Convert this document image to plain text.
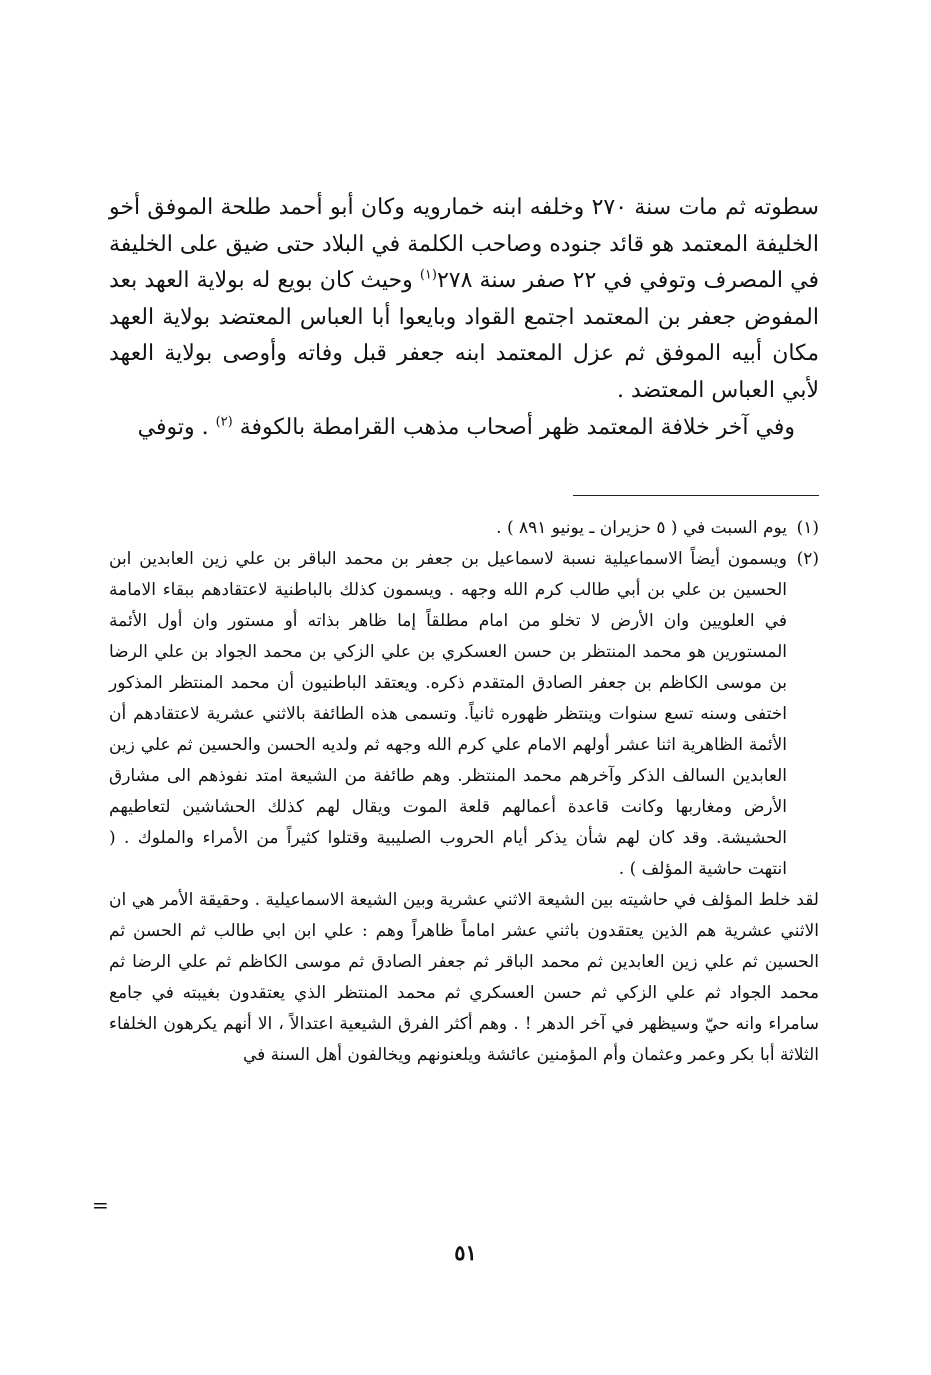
سطوته ثم مات سنة ٢٧٠ وخلفه ابنه خمارويه وكان أبو أحمد طلحة الموفق أخو الخليفة المعتمد هو قائد جنوده وصاحب الكلمة في البلاد حتى ضيق على الخليفة في المصرف وتوفي في ٢٢ صفر سنة ٢٧٨$^{(١)}$ وحيث كان بويع له بولاية العهد بعد المفوض جعفر بن المعتمد اجتمع القواد وبايعوا أبا العباس المعتضد بولاية العهد مكان أبيه الموفق ثم عزل المعتمد ابنه جعفر قبل وفاته وأوصى بولاية العهد لأبي العباس المعتضد .

وفي آخر خلافة المعتمد ظهر أصحاب مذهب القرامطة بالكوفة $^{(٢)}$ . وتوفي

(١)
يوم السبت في ( ٥ حزيران ـ يونيو ٨٩١ ) .
(٢)
ويسمون أيضاً الاسماعيلية نسبة لاسماعيل بن جعفر بن محمد الباقر بن علي زين العابدين ابن الحسين بن علي بن أبي طالب كرم الله وجهه . ويسمون كذلك بالباطنية لاعتقادهم ببقاء الامامة في العلويين وان الأرض لا تخلو من امام مطلقاً إما ظاهر بذاته أو مستور وان أول الأئمة المستورين هو محمد المنتظر بن حسن العسكري بن علي الزكي بن محمد الجواد بن علي الرضا بن موسى الكاظم بن جعفر الصادق المتقدم ذكره. ويعتقد الباطنيون أن محمد المنتظر المذكور اختفى وسنه تسع سنوات وينتظر ظهوره ثانياً. وتسمى هذه الطائفة بالاثني عشرية لاعتقادهم أن الأئمة الظاهرية اثنا عشر أولهم الامام علي كرم الله وجهه ثم ولديه الحسن والحسين ثم علي زين العابدين السالف الذكر وآخرهم محمد المنتظر. وهم طائفة من الشيعة امتد نفوذهم الى مشارق الأرض ومغاربها وكانت قاعدة أعمالهم قلعة الموت ويقال لهم كذلك الحشاشين لتعاطيهم الحشيشة. وقد كان لهم شأن يذكر أيام الحروب الصليبية وقتلوا كثيراً من الأمراء والملوك . ( انتهت حاشية المؤلف ) .

لقد خلط المؤلف في حاشيته بين الشيعة الاثني عشرية وبين الشيعة الاسماعيلية . وحقيقة الأمر هي ان الاثني عشرية هم الذين يعتقدون باثني عشر اماماً ظاهراً وهم : علي ابن ابي طالب ثم الحسن ثم الحسين ثم علي زين العابدين ثم محمد الباقر ثم جعفر الصادق ثم موسى الكاظم ثم علي الرضا ثم محمد الجواد ثم علي الزكي ثم حسن العسكري ثم محمد المنتظر الذي يعتقدون بغيبته في جامع سامراء وانه حيّ وسيظهر في آخر الدهر ! . وهم أكثر الفرق الشيعية اعتدالاً ، الا أنهم يكرهون الخلفاء الثلاثة أبا بكر وعمر وعثمان وأم المؤمنين عائشة ويلعنونهم ويخالفون أهل السنة في

=
٥١
